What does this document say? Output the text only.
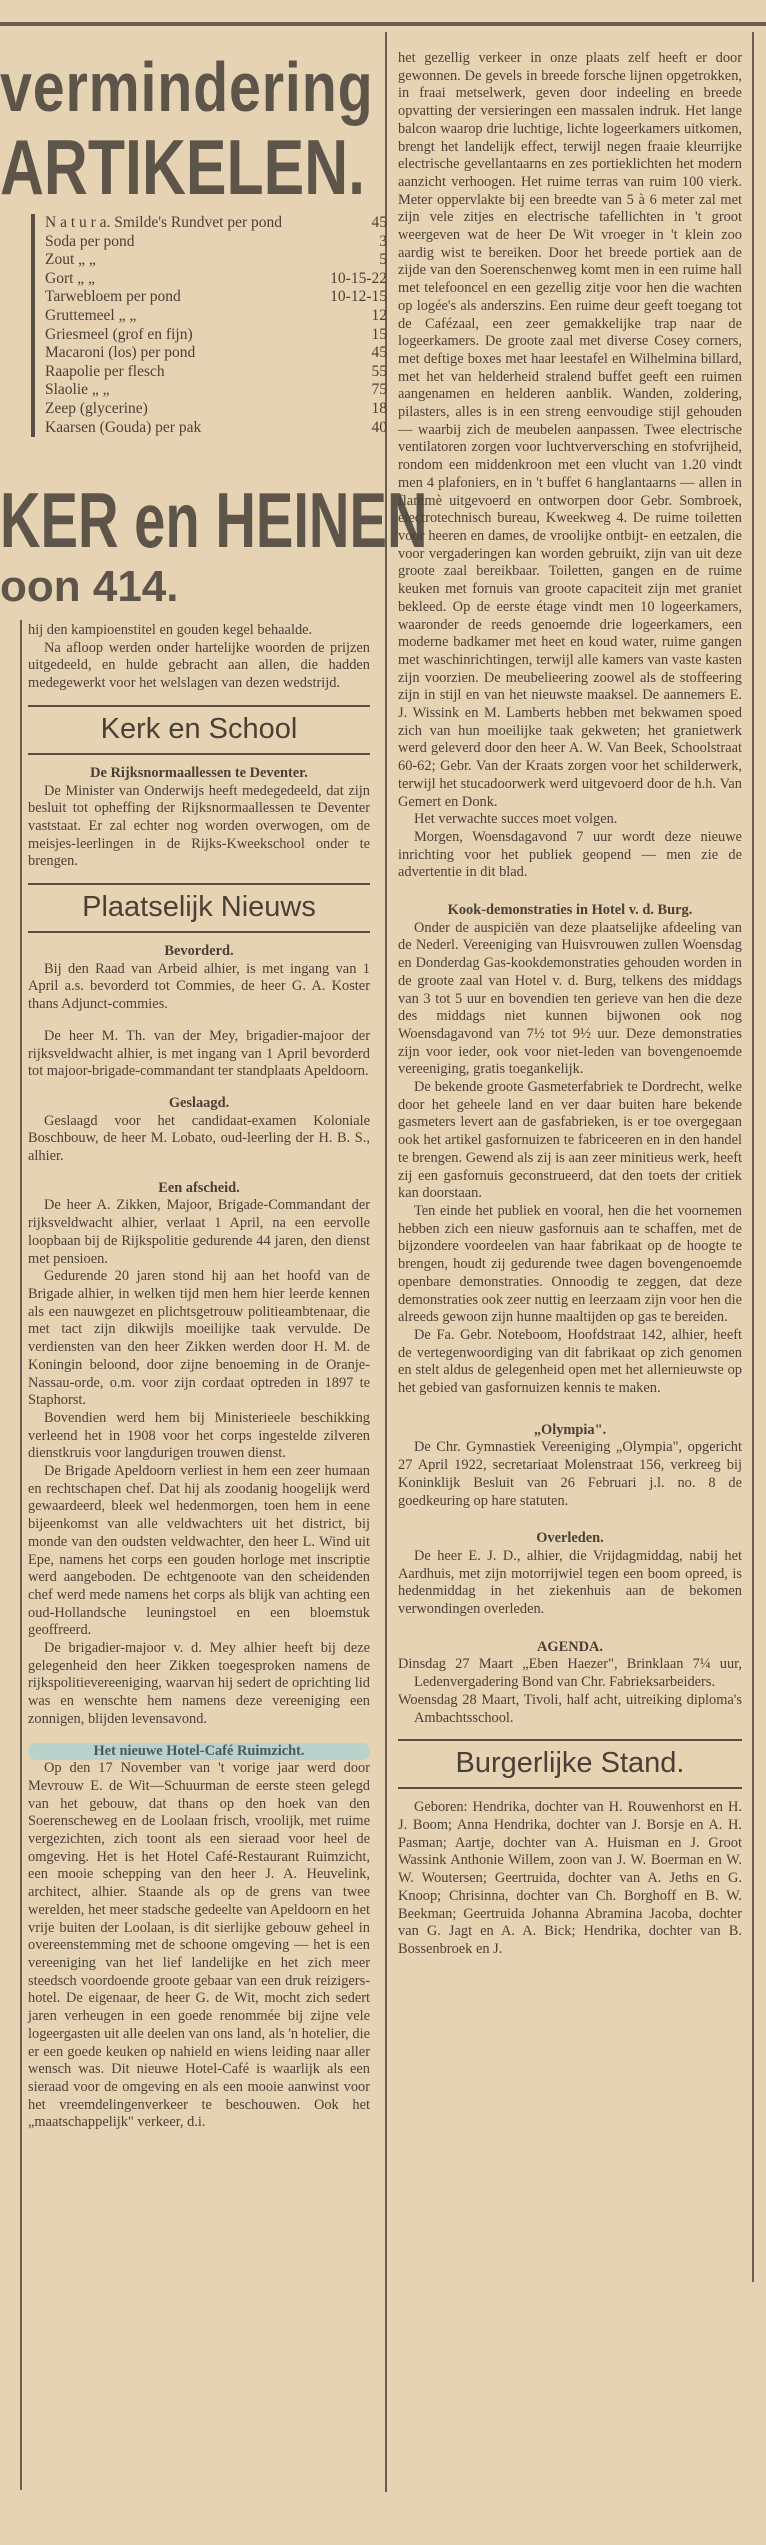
vermindering
ARTIKELEN.
N a t u r a. Smilde's Rundvet per pond	45
Soda per pond	3
Zout „ „	5
Gort „ „	10-15-22
Tarwebloem per pond	10-12-15
Gruttemeel „ „	12
Griesmeel (grof en fijn)	15
Macaroni (los) per pond	45
Raapolie per flesch	55
Slaolie „ „	75
Zeep (glycerine)	18
Kaarsen (Gouda) per pak	40
KER en HEINEN
oon 414.

hij den kampioenstitel en gouden kegel behaalde.

Na afloop werden onder hartelijke woorden de prijzen uitgedeeld, en hulde gebracht aan allen, die hadden medegewerkt voor het welslagen van dezen wedstrijd.

Kerk en School
De Rijksnormaallessen te Deventer.

De Minister van Onderwijs heeft medegedeeld, dat zijn besluit tot opheffing der Rijksnormaallessen te Deventer vaststaat. Er zal echter nog worden overwogen, om de meisjes-leerlingen in de Rijks-Kweekschool onder te brengen.

Plaatselijk Nieuws
Bevorderd.

Bij den Raad van Arbeid alhier, is met ingang van 1 April a.s. bevorderd tot Commies, de heer G. A. Koster thans Adjunct-commies.

De heer M. Th. van der Mey, brigadier-majoor der rijksveldwacht alhier, is met ingang van 1 April bevorderd tot majoor-brigade-commandant ter standplaats Apeldoorn.

Geslaagd.

Geslaagd voor het candidaat-examen Koloniale Boschbouw, de heer M. Lobato, oud-leerling der H. B. S., alhier.

Een afscheid.

De heer A. Zikken, Majoor, Brigade-Commandant der rijksveldwacht alhier, verlaat 1 April, na een eervolle loopbaan bij de Rijkspolitie gedurende 44 jaren, den dienst met pensioen.

Gedurende 20 jaren stond hij aan het hoofd van de Brigade alhier, in welken tijd men hem hier leerde kennen als een nauwgezet en plichtsgetrouw politieambtenaar, die met tact zijn dikwijls moeilijke taak vervulde. De verdiensten van den heer Zikken werden door H. M. de Koningin beloond, door zijne benoeming in de Oranje-Nassau-orde, o.m. voor zijn cordaat optreden in 1897 te Staphorst.

Bovendien werd hem bij Ministerieele beschikking verleend het in 1908 voor het corps ingestelde zilveren dienstkruis voor langdurigen trouwen dienst.

De Brigade Apeldoorn verliest in hem een zeer humaan en rechtschapen chef. Dat hij als zoodanig hoogelijk werd gewaardeerd, bleek wel hedenmorgen, toen hem in eene bijeenkomst van alle veldwachters uit het district, bij monde van den oudsten veldwachter, den heer L. Wind uit Epe, namens het corps een gouden horloge met inscriptie werd aangeboden. De echtgenoote van den scheidenden chef werd mede namens het corps als blijk van achting een oud-Hollandsche leuningstoel en een bloemstuk geoffreerd.

De brigadier-majoor v. d. Mey alhier heeft bij deze gelegenheid den heer Zikken toegesproken namens de rijkspolitievereeniging, waarvan hij sedert de oprichting lid was en wenschte hem namens deze vereeniging een zonnigen, blijden levensavond.

Het nieuwe Hotel-Café Ruimzicht.

Op den 17 November van 't vorige jaar werd door Mevrouw E. de Wit—Schuurman de eerste steen gelegd van het gebouw, dat thans op den hoek van den Soerenscheweg en de Loolaan frisch, vroolijk, met ruime vergezichten, zich toont als een sieraad voor heel de omgeving. Het is het Hotel Café-Restaurant Ruimzicht, een mooie schepping van den heer J. A. Heuvelink, architect, alhier. Staande als op de grens van twee werelden, het meer stadsche gedeelte van Apeldoorn en het vrije buiten der Loolaan, is dit sierlijke gebouw geheel in overeenstemming met de schoone omgeving — het is een vereeniging van het lief landelijke en het zich meer steedsch voordoende groote gebaar van een druk reizigers-hotel. De eigenaar, de heer G. de Wit, mocht zich sedert jaren verheugen in een goede renommée bij zijne vele logeergasten uit alle deelen van ons land, als 'n hotelier, die er een goede keuken op nahield en wiens leiding naar aller wensch was. Dit nieuwe Hotel-Café is waarlijk als een sieraad voor de omgeving en als een mooie aanwinst voor het vreemdelingenverkeer te beschouwen. Ook het „maatschappelijk" verkeer, d.i.

het gezellig verkeer in onze plaats zelf heeft er door gewonnen. De gevels in breede forsche lijnen opgetrokken, in fraai metselwerk, geven door indeeling en breede opvatting der versieringen een massalen indruk. Het lange balcon waarop drie luchtige, lichte logeerkamers uitkomen, brengt het landelijk effect, terwijl negen fraaie kleurrijke electrische gevellantaarns en zes portieklichten het modern aanzicht verhoogen. Het ruime terras van ruim 100 vierk. Meter oppervlakte bij een breedte van 5 à 6 meter zal met zijn vele zitjes en electrische tafellichten in 't groot weergeven wat de heer De Wit vroeger in 't klein zoo aardig wist te bereiken. Door het breede portiek aan de zijde van den Soerenschenweg komt men in een ruime hall met telefooncel en een gezellig zitje voor hen die wachten op logée's als anderszins. Een ruime deur geeft toegang tot de Cafézaal, een zeer gemakkelijke trap naar de logeerkamers. De groote zaal met diverse Cosey corners, met deftige boxes met haar leestafel en Wilhelmina billard, met het van helderheid stralend buffet geeft een ruimen aangenamen en helderen aanblik. Wanden, zoldering, pilasters, alles is in een streng eenvoudige stijl gehouden — waarbij zich de meubelen aanpassen. Twee electrische ventilatoren zorgen voor luchtverversching en stofvrijheid, rondom een middenkroon met een vlucht van 1.20 vindt men 4 plafoniers, en in 't buffet 6 hanglantaarns — allen in flammè uitgevoerd en ontworpen door Gebr. Sombroek, electrotechnisch bureau, Kweekweg 4. De ruime toiletten voor heeren en dames, de vroolijke ontbijt- en eetzalen, die voor vergaderingen kan worden gebruikt, zijn van uit deze groote zaal bereikbaar. Toiletten, gangen en de ruime keuken met fornuis van groote capaciteit zijn met graniet bekleed. Op de eerste étage vindt men 10 logeerkamers, waaronder de reeds genoemde drie logeerkamers, een moderne badkamer met heet en koud water, ruime gangen met waschinrichtingen, terwijl alle kamers van vaste kasten zijn voorzien. De meubelieering zoowel als de stoffeering zijn in stijl en van het nieuwste maaksel. De aannemers E. J. Wissink en M. Lamberts hebben met bekwamen spoed zich van hun moeilijke taak gekweten; het granietwerk werd geleverd door den heer A. W. Van Beek, Schoolstraat 60-62; Gebr. Van der Kraats zorgen voor het schilderwerk, terwijl het stucadoorwerk werd uitgevoerd door de h.h. Van Gemert en Donk.

Het verwachte succes moet volgen.

Morgen, Woensdagavond 7 uur wordt deze nieuwe inrichting voor het publiek geopend — men zie de advertentie in dit blad.

Kook-demonstraties in Hotel v. d. Burg.

Onder de auspiciën van deze plaatselijke afdeeling van de Nederl. Vereeniging van Huisvrouwen zullen Woensdag en Donderdag Gas-kookdemonstraties gehouden worden in de groote zaal van Hotel v. d. Burg, telkens des middags van 3 tot 5 uur en bovendien ten gerieve van hen die deze des middags niet kunnen bijwonen ook nog Woensdagavond van 7½ tot 9½ uur. Deze demonstraties zijn voor ieder, ook voor niet-leden van bovengenoemde vereeniging, gratis toegankelijk.

De bekende groote Gasmeterfabriek te Dordrecht, welke door het geheele land en ver daar buiten hare bekende gasmeters levert aan de gasfabrieken, is er toe overgegaan ook het artikel gasfornuizen te fabriceeren en in den handel te brengen. Gewend als zij is aan zeer minitieus werk, heeft zij een gasfornuis geconstrueerd, dat den toets der critiek kan doorstaan.

Ten einde het publiek en vooral, hen die het voornemen hebben zich een nieuw gasfornuis aan te schaffen, met de bijzondere voordeelen van haar fabrikaat op de hoogte te brengen, houdt zij gedurende twee dagen bovengenoemde openbare demonstraties. Onnoodig te zeggen, dat deze demonstraties ook zeer nuttig en leerzaam zijn voor hen die alreeds gewoon zijn hunne maaltijden op gas te bereiden.

De Fa. Gebr. Noteboom, Hoofdstraat 142, alhier, heeft de vertegenwoordiging van dit fabrikaat op zich genomen en stelt aldus de gelegenheid open met het allernieuwste op het gebied van gasfornuizen kennis te maken.

„Olympia".

De Chr. Gymnastiek Vereeniging „Olympia", opgericht 27 April 1922, secretariaat Molenstraat 156, verkreeg bij Koninklijk Besluit van 26 Februari j.l. no. 8 de goedkeuring op hare statuten.

Overleden.

De heer E. J. D., alhier, die Vrijdagmiddag, nabij het Aardhuis, met zijn motorrijwiel tegen een boom opreed, is hedenmiddag in het ziekenhuis aan de bekomen verwondingen overleden.

AGENDA.

Dinsdag 27 Maart „Eben Haezer", Brinklaan 7¼ uur, Ledenvergadering Bond van Chr. Fabrieksarbeiders.

Woensdag 28 Maart, Tivoli, half acht, uitreiking diploma's Ambachtsschool.

Burgerlijke Stand.

Geboren: Hendrika, dochter van H. Rouwenhorst en H. J. Boom; Anna Hendrika, dochter van J. Borsje en A. H. Pasman; Aartje, dochter van A. Huisman en J. Groot Wassink Anthonie Willem, zoon van J. W. Boerman en W. W. Woutersen; Geertruida, dochter van A. Jeths en G. Knoop; Chrisinna, dochter van Ch. Borghoff en B. W. Beekman; Geertruida Johanna Abramina Jacoba, dochter van G. Jagt en A. A. Bick; Hendrika, dochter van B. Bossenbroek en J.
